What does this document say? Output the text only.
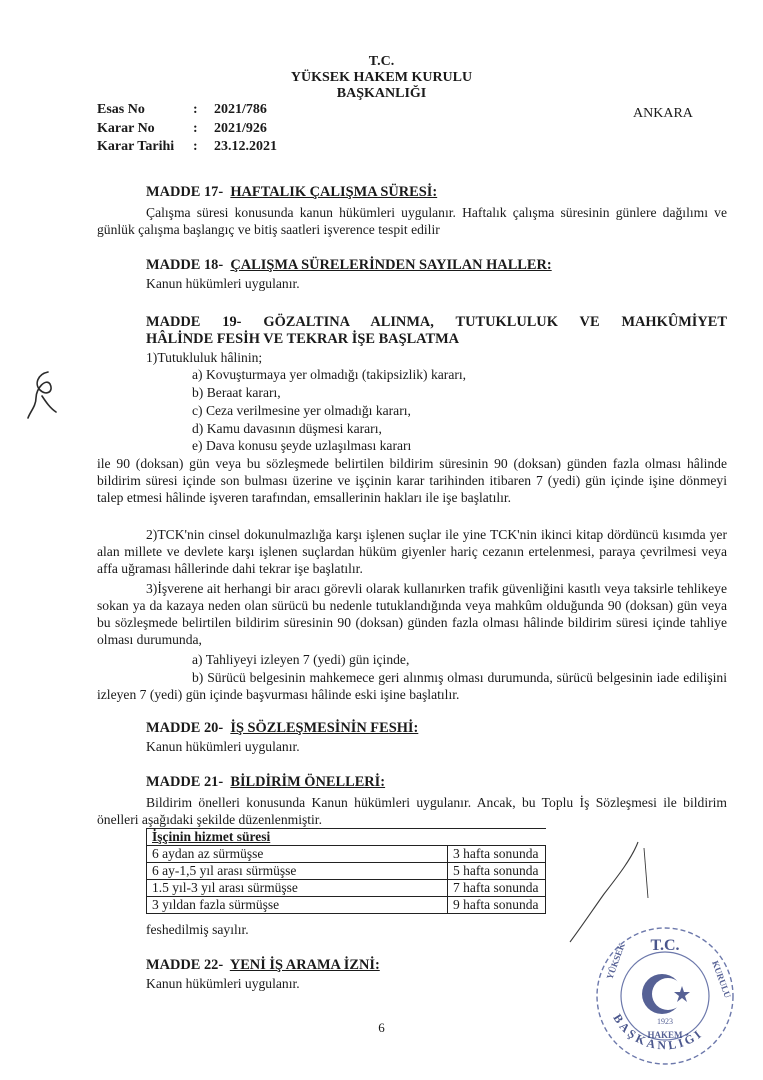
T.C.
YÜKSEK HAKEM KURULU
BAŞKANLIĞI
ANKARA
Esas No	: 2021/786
Karar No	: 2021/926
Karar Tarihi : 23.12.2021
MADDE 17- HAFTALIK ÇALIŞMA SÜRESİ:
Çalışma süresi konusunda kanun hükümleri uygulanır. Haftalık çalışma süresinin günlere dağılımı ve günlük çalışma başlangıç ve bitiş saatleri işverence tespit edilir
MADDE 18- ÇALIŞMA SÜRELERİNDEN SAYILAN HALLER:
Kanun hükümleri uygulanır.
MADDE 19- GÖZALTINA ALINMA, TUTUKLULUK VE MAHKÛMİYET
HÂLİNDE FESİH VE TEKRAR İŞE BAŞLATMA
1)Tutukluluk hâlinin;
a) Kovuşturmaya yer olmadığı (takipsizlik) kararı,
b) Beraat kararı,
c) Ceza verilmesine yer olmadığı kararı,
d) Kamu davasının düşmesi kararı,
e) Dava konusu şeyde uzlaşılması kararı
ile 90 (doksan) gün veya bu sözleşmede belirtilen bildirim süresinin 90 (doksan) günden fazla olması hâlinde bildirim süresi içinde son bulması üzerine ve işçinin karar tarihinden itibaren 7 (yedi) gün içinde işine dönmeyi talep etmesi hâlinde işveren tarafından, emsallerinin hakları ile işe başlatılır.
2)TCK'nin cinsel dokunulmazlığa karşı işlenen suçlar ile yine TCK'nin ikinci kitap dördüncü kısımda yer alan millete ve devlete karşı işlenen suçlardan hüküm giyenler hariç cezanın ertelenmesi, paraya çevrilmesi veya affa uğraması hâllerinde dahi tekrar işe başlatılır.
3)İşverene ait herhangi bir aracı görevli olarak kullanırken trafik güvenliğini kasıtlı veya taksirle tehlikeye sokan ya da kazaya neden olan sürücü bu nedenle tutuklandığında veya mahkûm olduğunda 90 (doksan) gün veya bu sözleşmede belirtilen bildirim süresinin 90 (doksan) günden fazla olması hâlinde bildirim süresi içinde tahliye olması durumunda,
a) Tahliyeyi izleyen 7 (yedi) gün içinde,
b) Sürücü belgesinin mahkemece geri alınmış olması durumunda, sürücü belgesinin iade edilişini izleyen 7 (yedi) gün içinde başvurması hâlinde eski işine başlatılır.
MADDE 20- İŞ SÖZLEŞMESİNİN FESHİ:
Kanun hükümleri uygulanır.
MADDE 21- BİLDİRİM ÖNELLERİ:
Bildirim önelleri konusunda Kanun hükümleri uygulanır. Ancak, bu Toplu İş Sözleşmesi ile bildirim önelleri aşağıdaki şekilde düzenlenmiştir.
İşçinin hizmet süresi	
6 aydan az sürmüşse	3 hafta sonunda
6 ay-1,5 yıl arası sürmüşse	5 hafta sonunda
1.5 yıl-3 yıl arası sürmüşse	7 hafta sonunda
3 yıldan fazla sürmüşse	9 hafta sonunda
feshedilmiş sayılır.
MADDE 22- YENİ İŞ ARAMA İZNİ:
Kanun hükümleri uygulanır.
6	BAŞKANLIĞI
T.C.
YÜKSEK	KURULU
HAKEM
1923
